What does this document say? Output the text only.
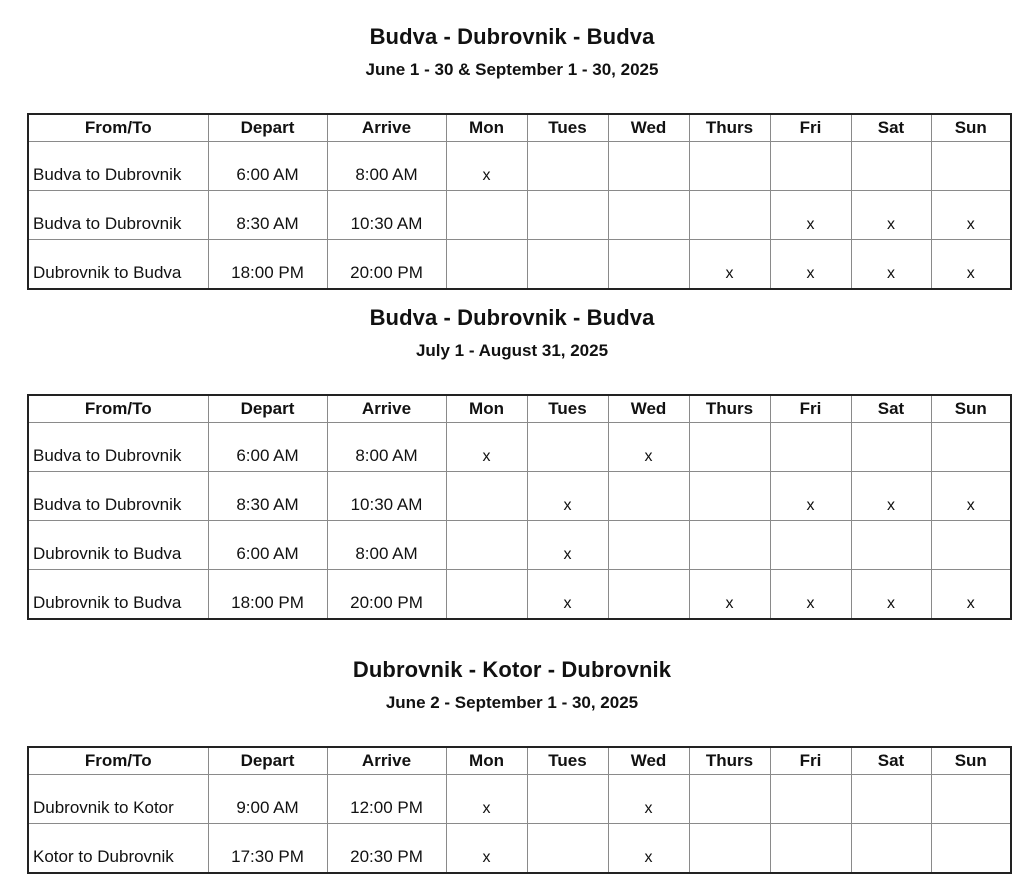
Budva - Dubrovnik - Budva
June 1 - 30 & September 1 - 30, 2025
From/To	Depart	Arrive	Mon	Tues	Wed	Thurs	Fri	Sat	Sun
Budva to Dubrovnik	6:00 AM	8:00 AM	x						
Budva to Dubrovnik	8:30 AM	10:30 AM					x	x	x
Dubrovnik to Budva	18:00 PM	20:00 PM				x	x	x	x
Budva - Dubrovnik - Budva
July 1 - August 31, 2025
From/To	Depart	Arrive	Mon	Tues	Wed	Thurs	Fri	Sat	Sun
Budva to Dubrovnik	6:00 AM	8:00 AM	x		x				
Budva to Dubrovnik	8:30 AM	10:30 AM		x			x	x	x
Dubrovnik to Budva	6:00 AM	8:00 AM		x					
Dubrovnik to Budva	18:00 PM	20:00 PM		x		x	x	x	x
Dubrovnik - Kotor - Dubrovnik
June 2 - September 1 - 30, 2025
From/To	Depart	Arrive	Mon	Tues	Wed	Thurs	Fri	Sat	Sun
Dubrovnik to Kotor	9:00 AM	12:00 PM	x		x				
Kotor to Dubrovnik	17:30 PM	20:30 PM	x		x				
